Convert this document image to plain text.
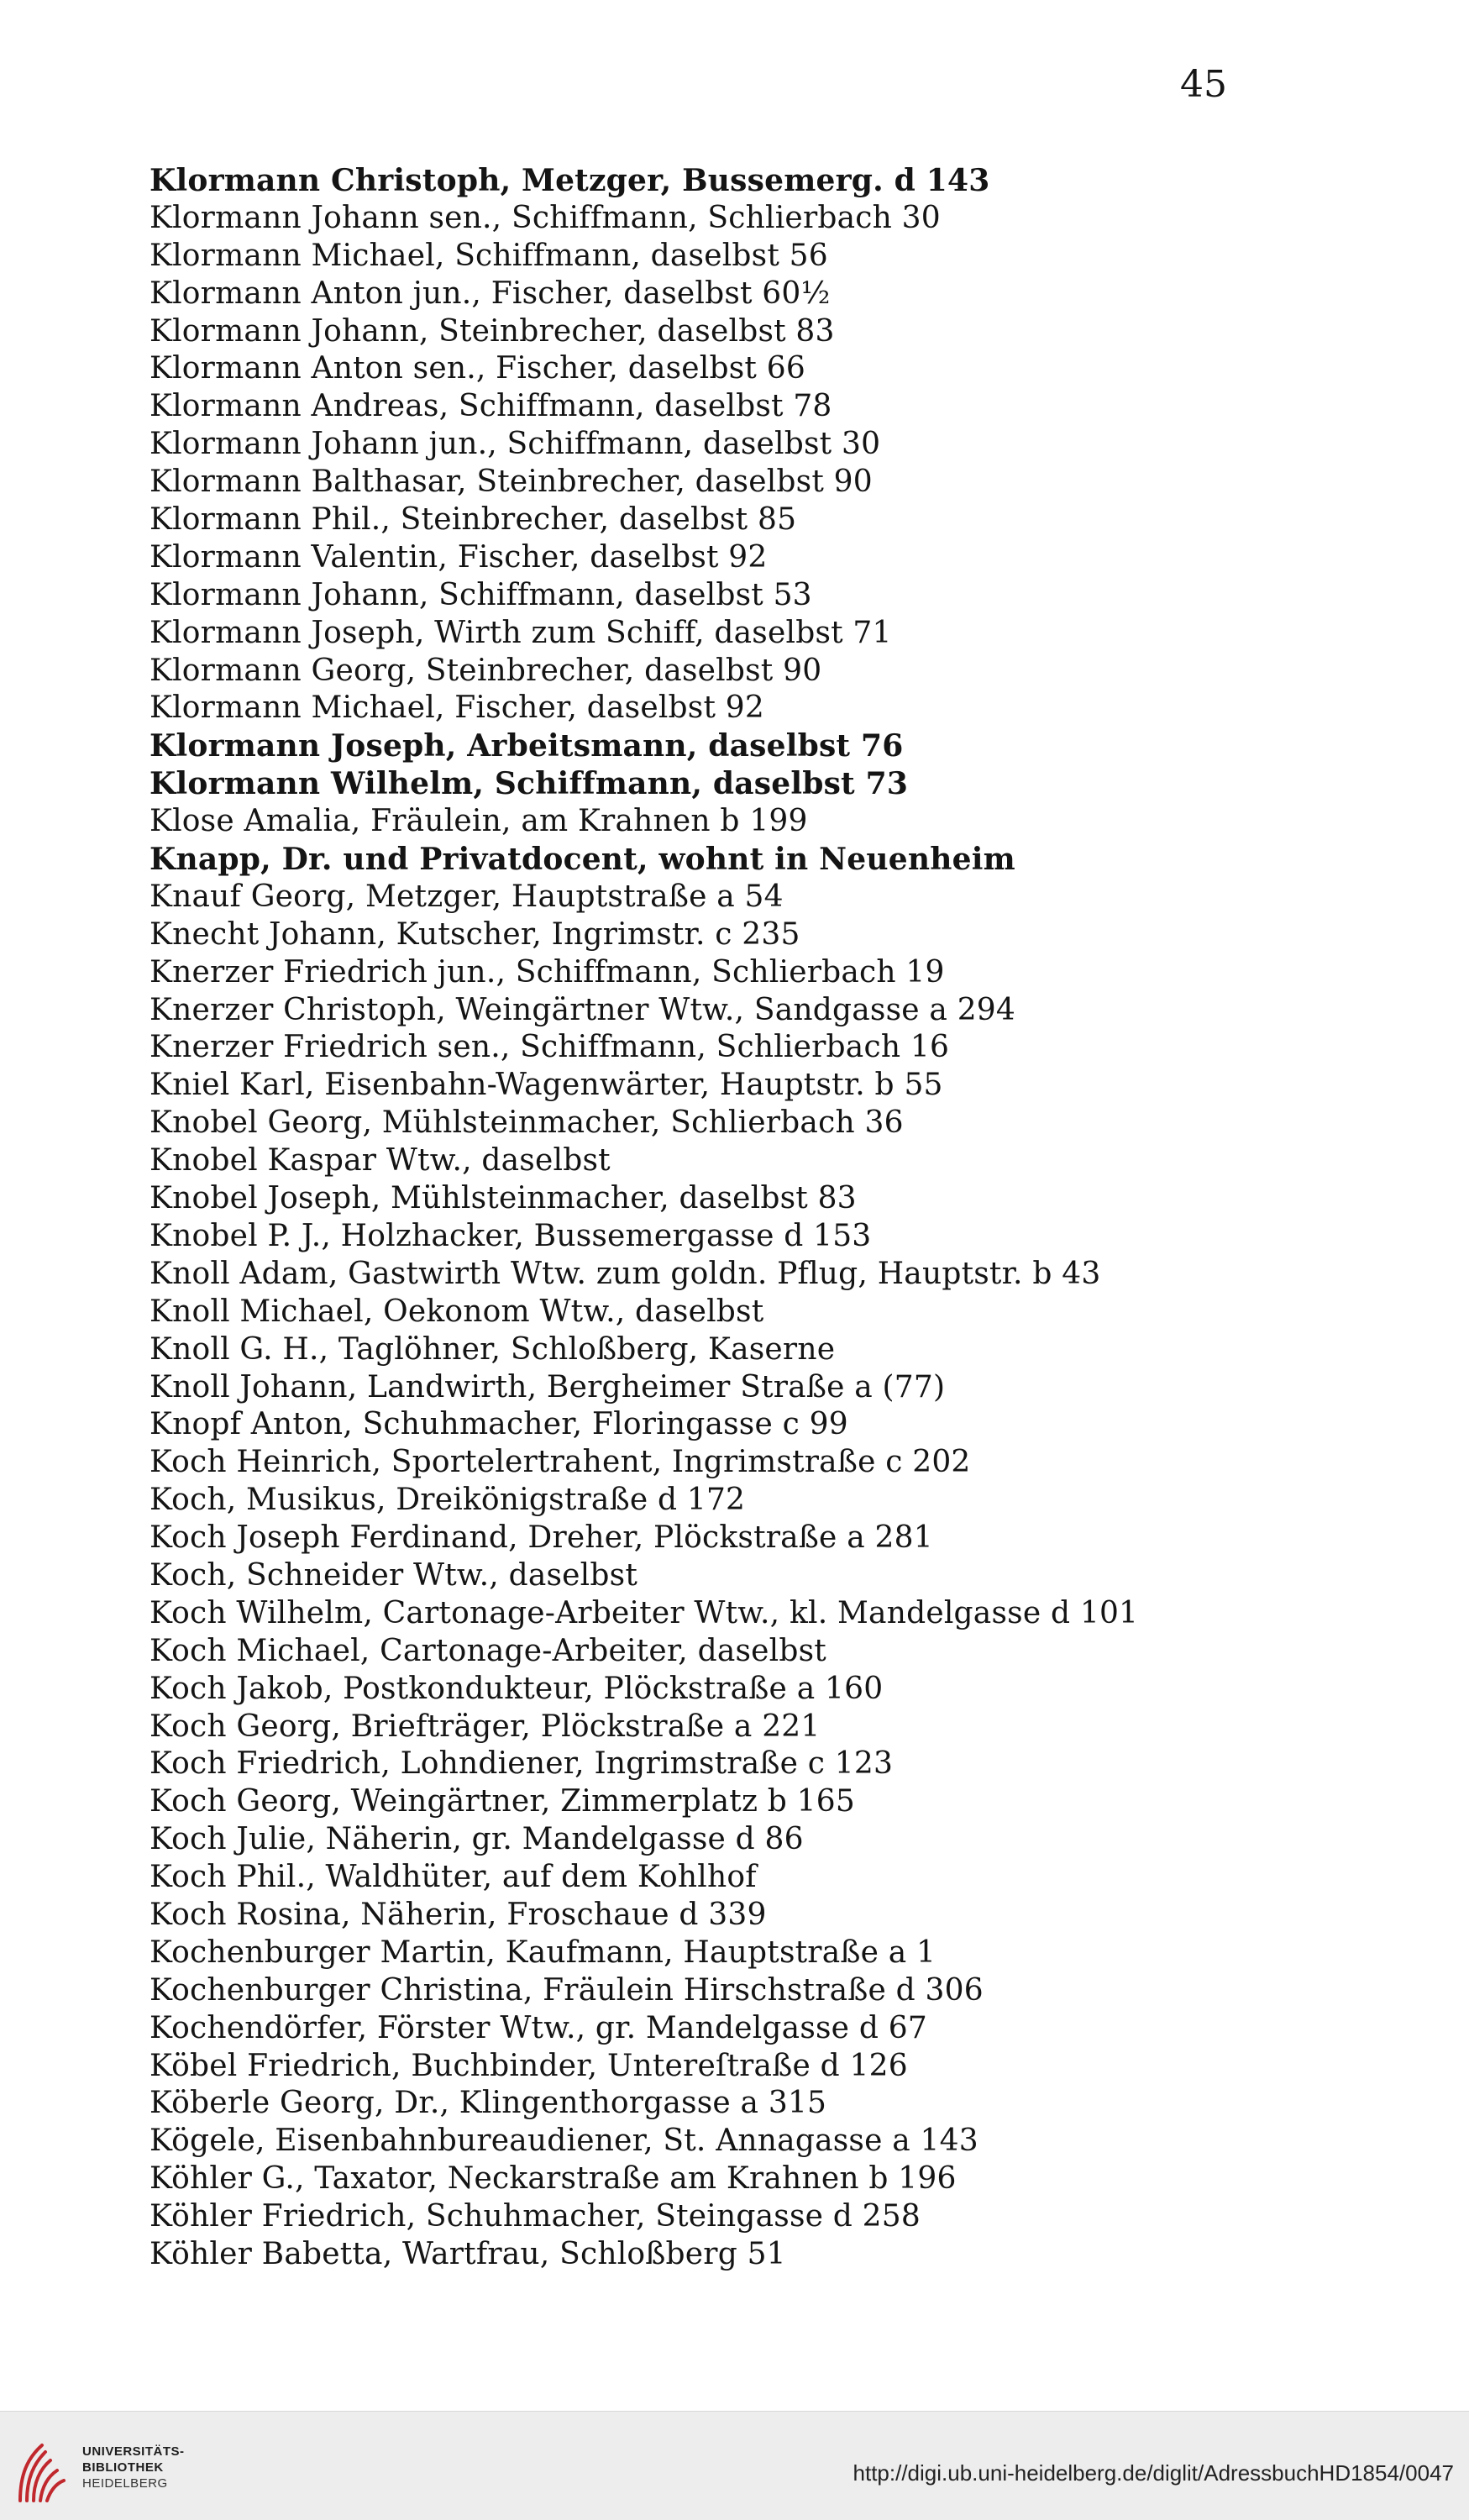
45
Klormann Christoph, Metzger, Bussemerg. d 143
Klormann Johann sen., Schiffmann, Schlierbach 30
Klormann Michael, Schiffmann, daselbst 56
Klormann Anton jun., Fischer, daselbst 60½
Klormann Johann, Steinbrecher, daselbst 83
Klormann Anton sen., Fischer, daselbst 66
Klormann Andreas, Schiffmann, daselbst 78
Klormann Johann jun., Schiffmann, daselbst 30
Klormann Balthasar, Steinbrecher, daselbst 90
Klormann Phil., Steinbrecher, daselbst 85
Klormann Valentin, Fischer, daselbst 92
Klormann Johann, Schiffmann, daselbst 53
Klormann Joseph, Wirth zum Schiff, daselbst 71
Klormann Georg, Steinbrecher, daselbst 90
Klormann Michael, Fischer, daselbst 92
Klormann Joseph, Arbeitsmann, daselbst 76
Klormann Wilhelm, Schiffmann, daselbst 73
Klose Amalia, Fräulein, am Krahnen b 199
Knapp, Dr. und Privatdocent, wohnt in Neuenheim
Knauf Georg, Metzger, Hauptstraße a 54
Knecht Johann, Kutscher, Ingrimstr. c 235
Knerzer Friedrich jun., Schiffmann, Schlierbach 19
Knerzer Christoph, Weingärtner Wtw., Sandgasse a 294
Knerzer Friedrich sen., Schiffmann, Schlierbach 16
Kniel Karl, Eisenbahn-Wagenwärter, Hauptstr. b 55
Knobel Georg, Mühlsteinmacher, Schlierbach 36
Knobel Kaspar Wtw., daselbst
Knobel Joseph, Mühlsteinmacher, daselbst 83
Knobel P. J., Holzhacker, Bussemergasse d 153
Knoll Adam, Gastwirth Wtw. zum goldn. Pflug, Hauptstr. b 43
Knoll Michael, Oekonom Wtw., daselbst
Knoll G. H., Taglöhner, Schloßberg, Kaserne
Knoll Johann, Landwirth, Bergheimer Straße a (77)
Knopf Anton, Schuhmacher, Floringasse c 99
Koch Heinrich, Sportelertrahent, Ingrimstraße c 202
Koch, Musikus, Dreikönigstraße d 172
Koch Joseph Ferdinand, Dreher, Plöckstraße a 281
Koch, Schneider Wtw., daselbst
Koch Wilhelm, Cartonage-Arbeiter Wtw., kl. Mandelgasse d 101
Koch Michael, Cartonage-Arbeiter, daselbst
Koch Jakob, Postkondukteur, Plöckstraße a 160
Koch Georg, Briefträger, Plöckstraße a 221
Koch Friedrich, Lohndiener, Ingrimstraße c 123
Koch Georg, Weingärtner, Zimmerplatz b 165
Koch Julie, Näherin, gr. Mandelgasse d 86
Koch Phil., Waldhüter, auf dem Kohlhof
Koch Rosina, Näherin, Froschaue d 339
Kochenburger Martin, Kaufmann, Hauptstraße a 1
Kochenburger Christina, Fräulein Hirschstraße d 306
Kochendörfer, Förster Wtw., gr. Mandelgasse d 67
Köbel Friedrich, Buchbinder, Untereſtraße d 126
Köberle Georg, Dr., Klingenthorgasse a 315
Kögele, Eisenbahnbureaudiener, St. Annagasse a 143
Köhler G., Taxator, Neckarstraße am Krahnen b 196
Köhler Friedrich, Schuhmacher, Steingasse d 258
Köhler Babetta, Wartfrau, Schloßberg 51
UNIVERSITÄTS-
BIBLIOTHEK
HEIDELBERG	http://digi.ub.uni-heidelberg.de/diglit/AdressbuchHD1854/0047
